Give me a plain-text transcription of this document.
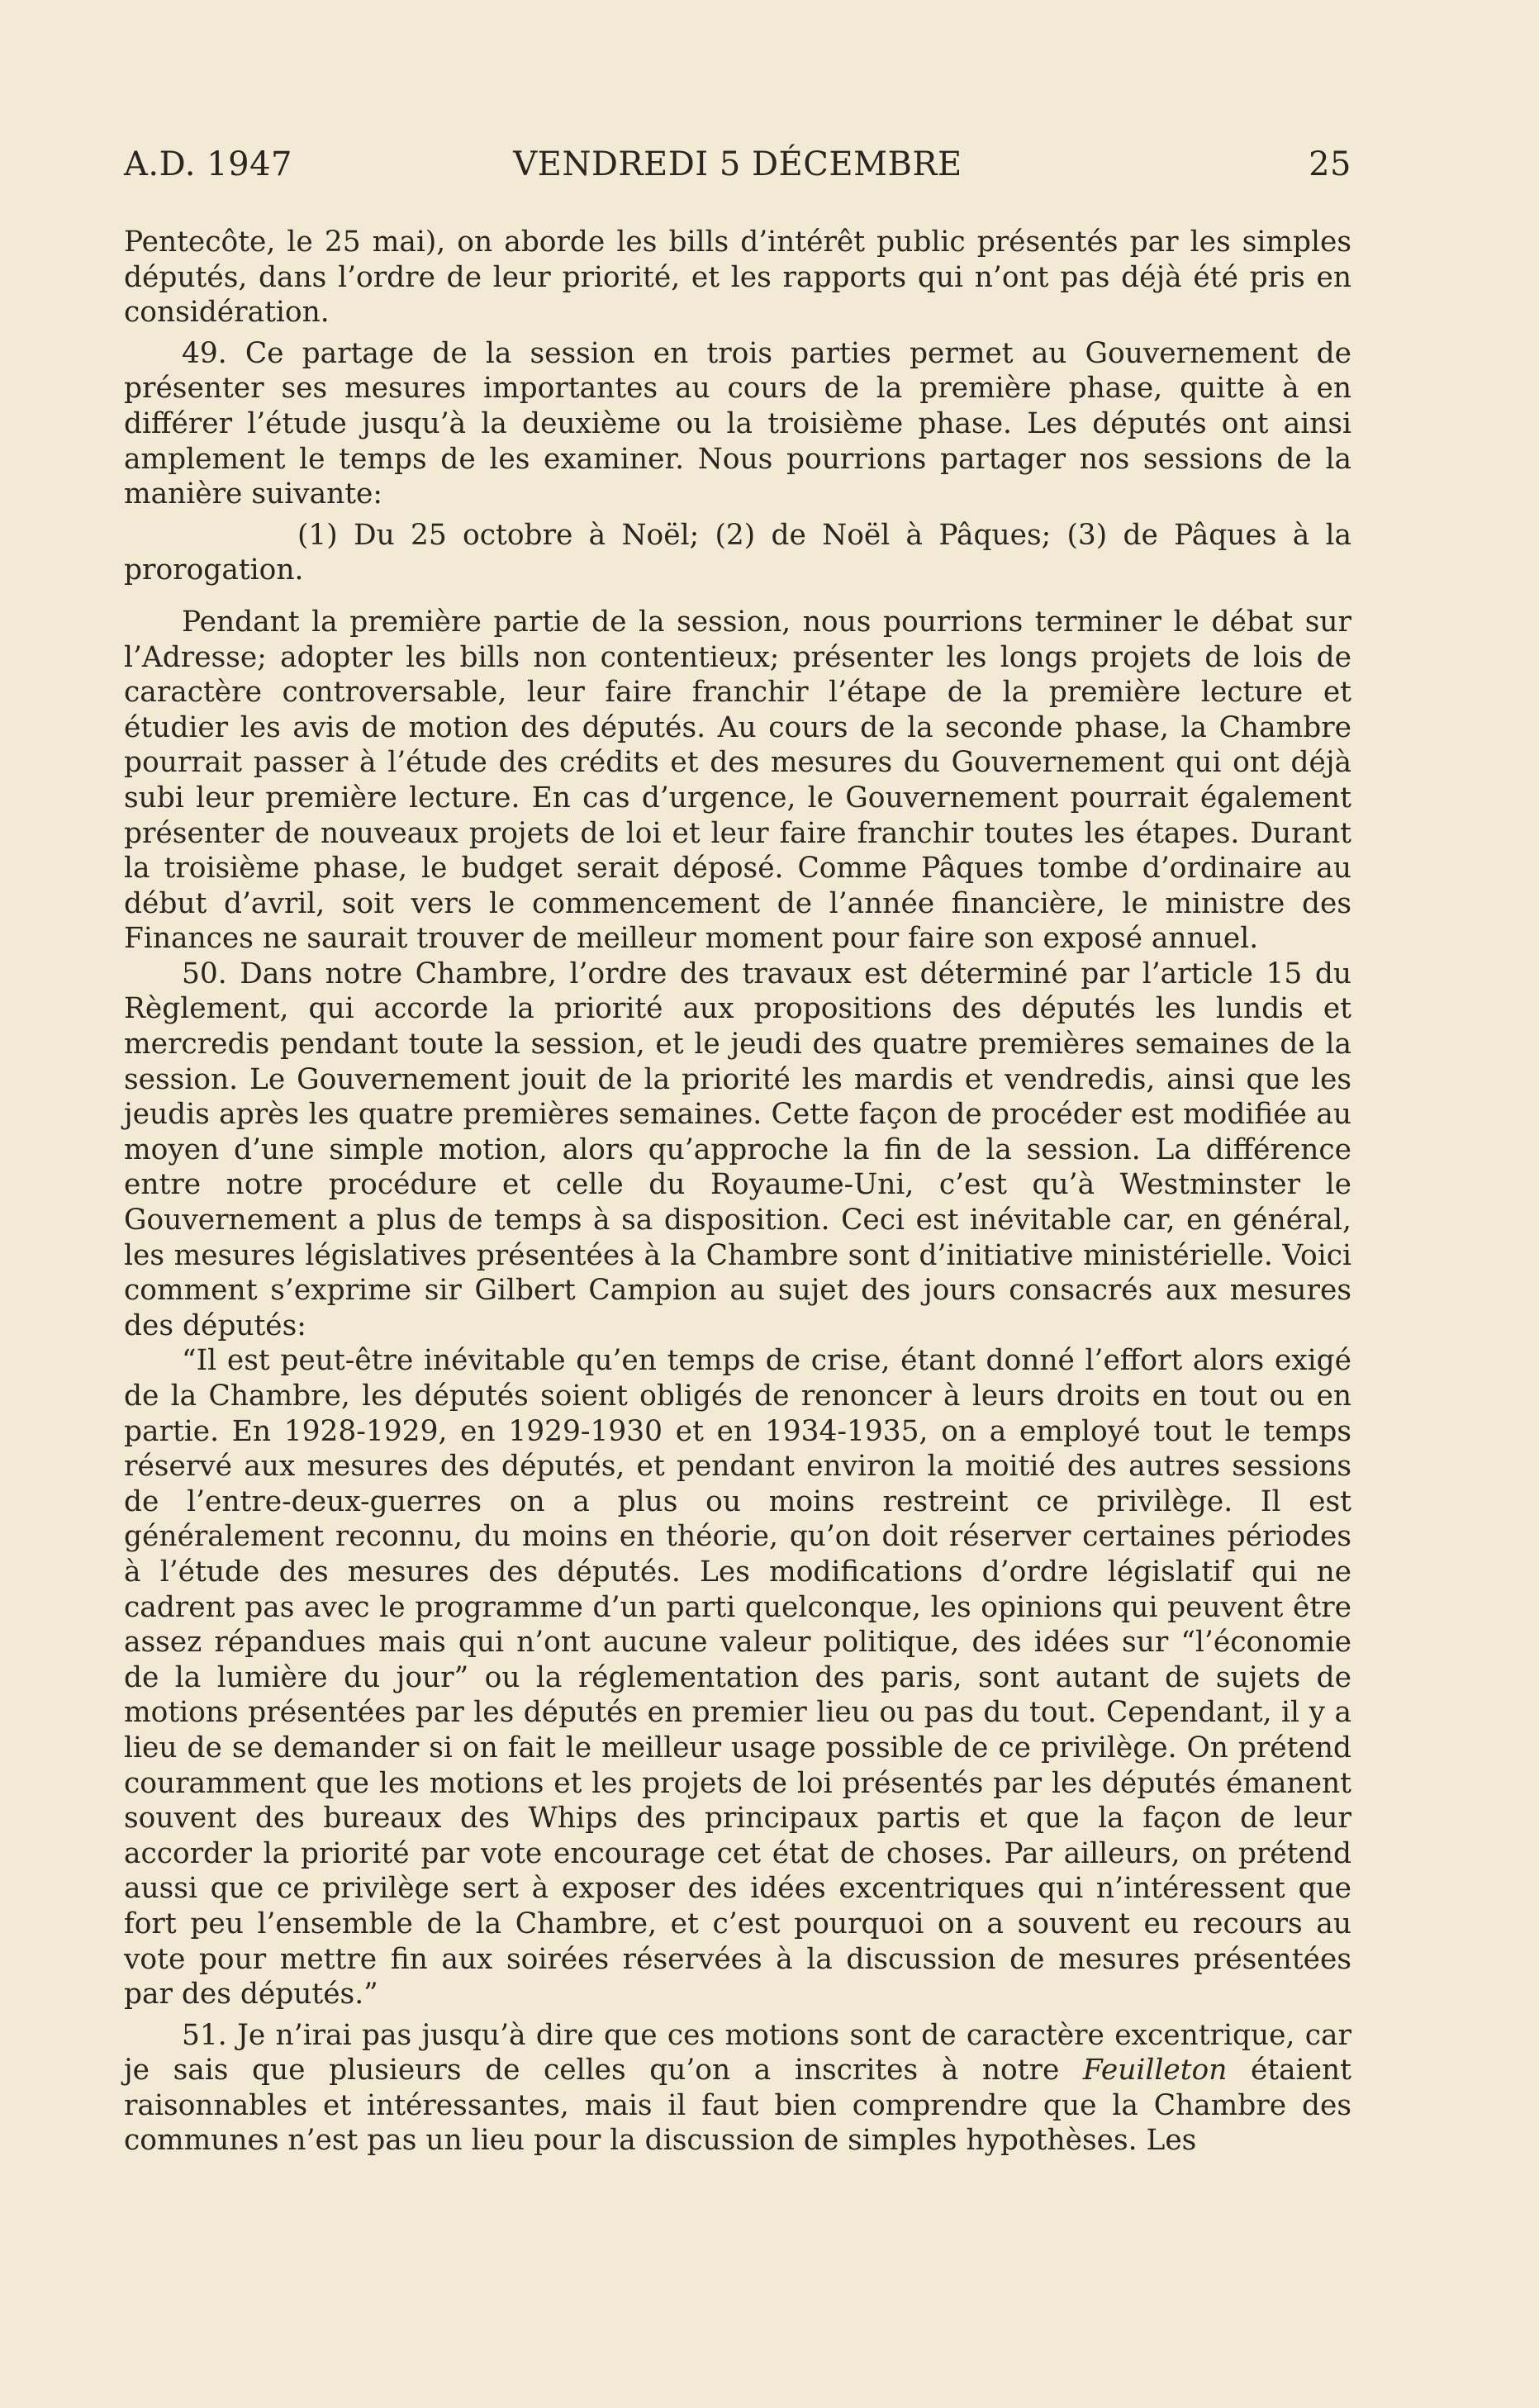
A.D. 1947	VENDREDI 5 DÉCEMBRE	25

Pentecôte, le 25 mai), on aborde les bills d’intérêt public présentés par les simples députés, dans l’ordre de leur priorité, et les rapports qui n’ont pas déjà été pris en considération.

49. Ce partage de la session en trois parties permet au Gouvernement de présenter ses mesures importantes au cours de la première phase, quitte à en différer l’étude jusqu’à la deuxième ou la troisième phase. Les députés ont ainsi amplement le temps de les examiner. Nous pourrions partager nos sessions de la manière suivante:

(1) Du 25 octobre à Noël; (2) de Noël à Pâques; (3) de Pâques à la prorogation.

Pendant la première partie de la session, nous pourrions terminer le débat sur l’Adresse; adopter les bills non contentieux; présenter les longs projets de lois de caractère controversable, leur faire franchir l’étape de la première lecture et étudier les avis de motion des députés. Au cours de la seconde phase, la Chambre pourrait passer à l’étude des crédits et des mesures du Gouvernement qui ont déjà subi leur première lecture. En cas d’urgence, le Gouvernement pourrait également présenter de nouveaux projets de loi et leur faire franchir toutes les étapes. Durant la troisième phase, le budget serait déposé. Comme Pâques tombe d’ordinaire au début d’avril, soit vers le commencement de l’année financière, le ministre des Finances ne saurait trouver de meilleur moment pour faire son exposé annuel.

50. Dans notre Chambre, l’ordre des travaux est déterminé par l’article 15 du Règlement, qui accorde la priorité aux propositions des députés les lundis et mercredis pendant toute la session, et le jeudi des quatre premières semaines de la session. Le Gouvernement jouit de la priorité les mardis et vendredis, ainsi que les jeudis après les quatre premières semaines. Cette façon de procéder est modifiée au moyen d’une simple motion, alors qu’approche la fin de la session. La différence entre notre procédure et celle du Royaume-Uni, c’est qu’à Westminster le Gouvernement a plus de temps à sa disposition. Ceci est inévitable car, en général, les mesures législatives présentées à la Chambre sont d’initiative ministérielle. Voici comment s’exprime sir Gilbert Campion au sujet des jours consacrés aux mesures des députés:

“Il est peut-être inévitable qu’en temps de crise, étant donné l’effort alors exigé de la Chambre, les députés soient obligés de renoncer à leurs droits en tout ou en partie. En 1928-1929, en 1929-1930 et en 1934-1935, on a employé tout le temps réservé aux mesures des députés, et pendant environ la moitié des autres sessions de l’entre-deux-guerres on a plus ou moins restreint ce privilège. Il est généralement reconnu, du moins en théorie, qu’on doit réserver certaines périodes à l’étude des mesures des députés. Les modifications d’ordre législatif qui ne cadrent pas avec le programme d’un parti quelconque, les opinions qui peuvent être assez répandues mais qui n’ont aucune valeur politique, des idées sur “l’économie de la lumière du jour” ou la réglementation des paris, sont autant de sujets de motions présentées par les députés en premier lieu ou pas du tout. Cependant, il y a lieu de se demander si on fait le meilleur usage possible de ce privilège. On prétend couramment que les motions et les projets de loi présentés par les députés émanent souvent des bureaux des Whips des principaux partis et que la façon de leur accorder la priorité par vote encourage cet état de choses. Par ailleurs, on prétend aussi que ce privilège sert à exposer des idées excentriques qui n’intéressent que fort peu l’ensemble de la Chambre, et c’est pourquoi on a souvent eu recours au vote pour mettre fin aux soirées réservées à la discussion de mesures présentées par des députés.”

51. Je n’irai pas jusqu’à dire que ces motions sont de caractère excentrique, car je sais que plusieurs de celles qu’on a inscrites à notre Feuilleton étaient raisonnables et intéressantes, mais il faut bien comprendre que la Chambre des communes n’est pas un lieu pour la discussion de simples hypothèses. Les
